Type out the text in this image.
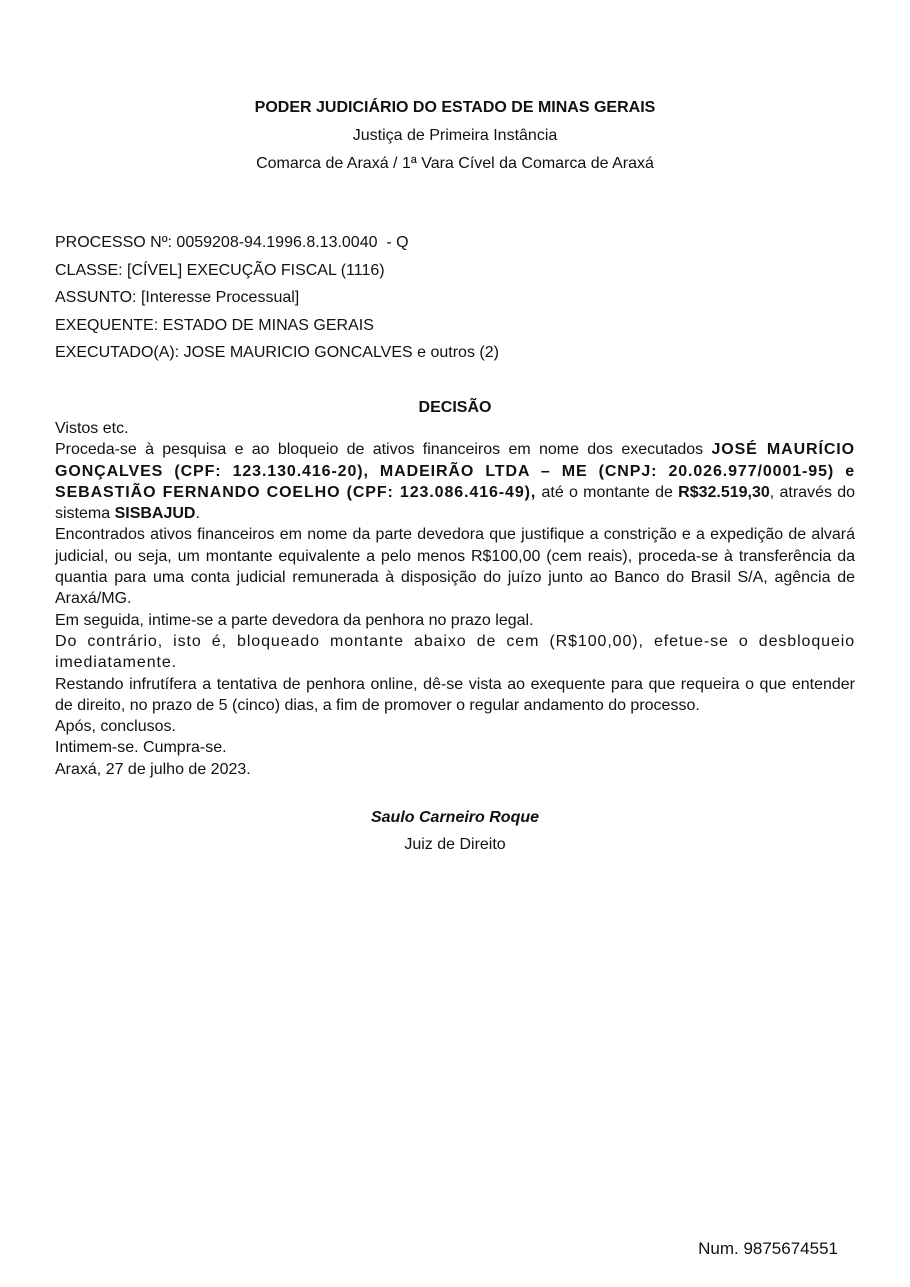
PODER JUDICIÁRIO DO ESTADO DE MINAS GERAIS
Justiça de Primeira Instância
Comarca de Araxá / 1ª Vara Cível da Comarca de Araxá
PROCESSO Nº: 0059208-94.1996.8.13.0040  - Q
CLASSE: [CÍVEL] EXECUÇÃO FISCAL (1116)
ASSUNTO: [Interesse Processual]
EXEQUENTE: ESTADO DE MINAS GERAIS
EXECUTADO(A): JOSE MAURICIO GONCALVES e outros (2)
DECISÃO

Vistos etc.

Proceda-se à pesquisa e ao bloqueio de ativos financeiros em nome dos executados JOSÉ MAURÍCIO GONÇALVES (CPF: 123.130.416-20), MADEIRÃO LTDA – ME (CNPJ: 20.026.977/0001-95) e SEBASTIÃO FERNANDO COELHO (CPF: 123.086.416-49), até o montante de R$32.519,30, através do sistema SISBAJUD.

Encontrados ativos financeiros em nome da parte devedora que justifique a constrição e a expedição de alvará judicial, ou seja, um montante equivalente a pelo menos R$100,00 (cem reais), proceda-se à transferência da quantia para uma conta judicial remunerada à disposição do juízo junto ao Banco do Brasil S/A, agência de Araxá/MG.

Em seguida, intime-se a parte devedora da penhora no prazo legal.

Do contrário, isto é, bloqueado montante abaixo de cem (R$100,00), efetue-se o desbloqueio imediatamente.

Restando infrutífera a tentativa de penhora online, dê-se vista ao exequente para que requeira o que entender de direito, no prazo de 5 (cinco) dias, a fim de promover o regular andamento do processo.

Após, conclusos.

Intimem-se. Cumpra-se.

Araxá, 27 de julho de 2023.

Saulo Carneiro Roque
Juiz de Direito
Num. 9875674551
